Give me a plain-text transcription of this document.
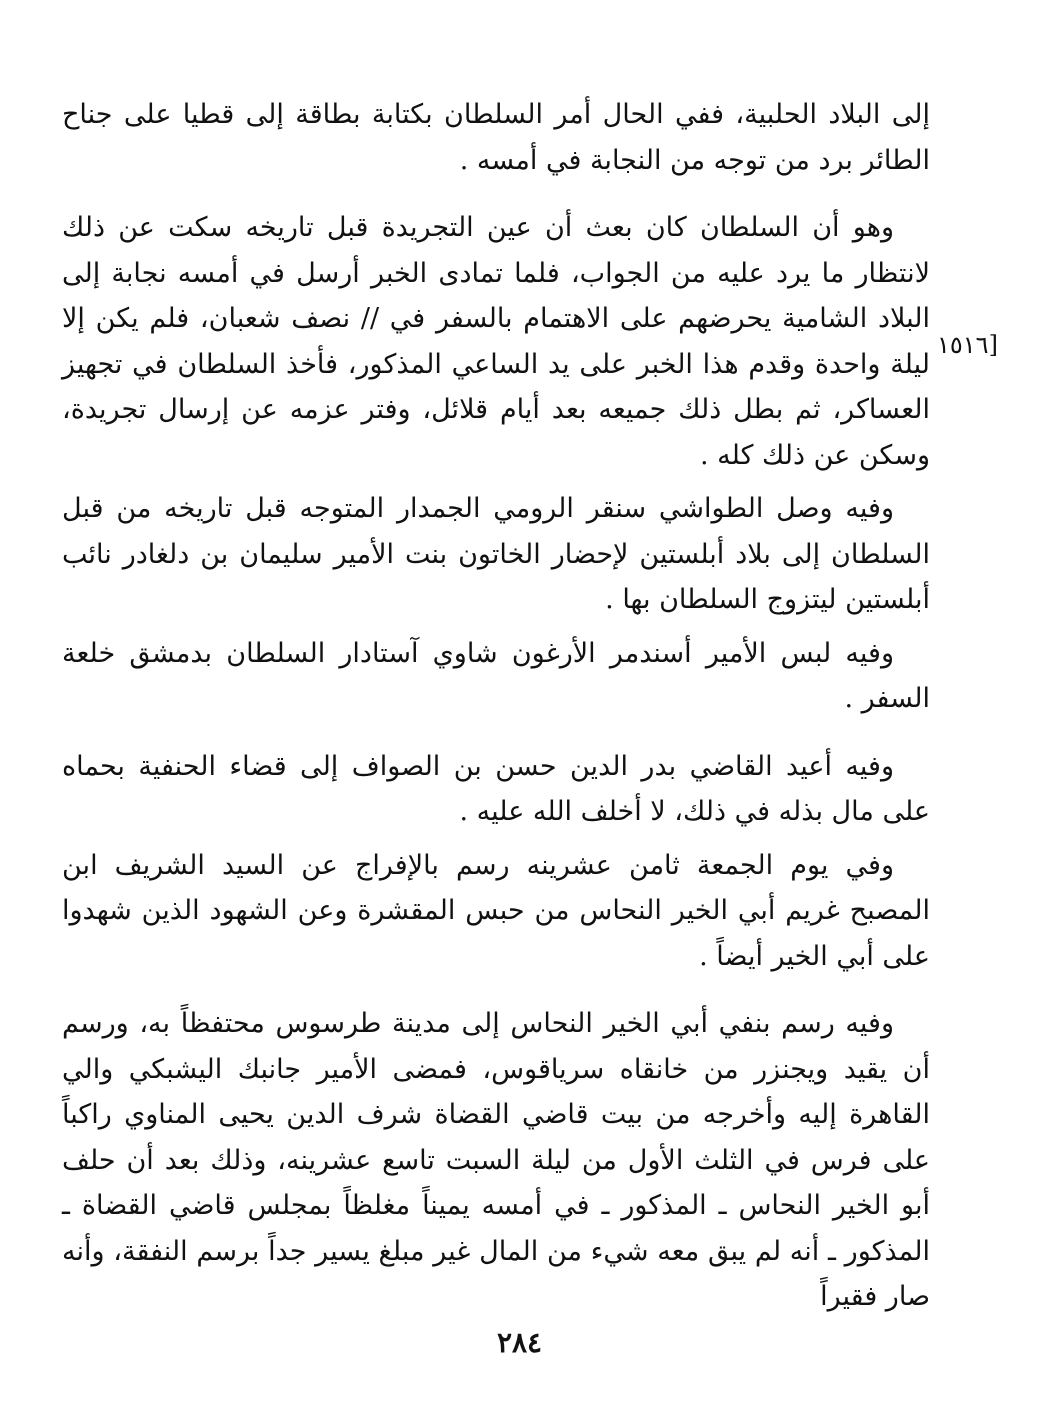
إلى البلاد الحلبية، ففي الحال أمر السلطان بكتابة بطاقة إلى قطيا على جناح الطائر برد من توجه من النجابة في أمسه .

وهو أن السلطان كان بعث أن عين التجريدة قبل تاريخه سكت عن ذلك لانتظار ما يرد عليه من الجواب، فلما تمادى الخبر أرسل في أمسه نجابة إلى البلاد الشامية يحرضهم على الاهتمام بالسفر في // نصف شعبان، فلم يكن إلا ليلة واحدة وقدم هذا الخبر على يد الساعي المذكور، فأخذ السلطان في تجهيز العساكر، ثم بطل ذلك جميعه بعد أيام قلائل، وفتر عزمه عن إرسال تجريدة، وسكن عن ذلك كله .

وفيه وصل الطواشي سنقر الرومي الجمدار المتوجه قبل تاريخه من قبل السلطان إلى بلاد أبلستين لإحضار الخاتون بنت الأمير سليمان بن دلغادر نائب أبلستين ليتزوج السلطان بها .

وفيه لبس الأمير أسندمر الأرغون شاوي آستادار السلطان بدمشق خلعة السفر .

وفيه أعيد القاضي بدر الدين حسن بن الصواف إلى قضاء الحنفية بحماه على مال بذله في ذلك، لا أخلف الله عليه .

وفي يوم الجمعة ثامن عشرينه رسم بالإفراج عن السيد الشريف ابن المصبح غريم أبي الخير النحاس من حبس المقشرة وعن الشهود الذين شهدوا على أبي الخير أيضاً .

وفيه رسم بنفي أبي الخير النحاس إلى مدينة طرسوس محتفظاً به، ورسم أن يقيد ويجنزر من خانقاه سرياقوس، فمضى الأمير جانبك اليشبكي والي القاهرة إليه وأخرجه من بيت قاضي القضاة شرف الدين يحيى المناوي راكباً على فرس في الثلث الأول من ليلة السبت تاسع عشرينه، وذلك بعد أن حلف أبو الخير النحاس ـ المذكور ـ في أمسه يميناً مغلظاً بمجلس قاضي القضاة ـ المذكور ـ أنه لم يبق معه شيء من المال غير مبلغ يسير جداً برسم النفقة، وأنه صار فقيراً

[١٥١٦
٢٨٤
